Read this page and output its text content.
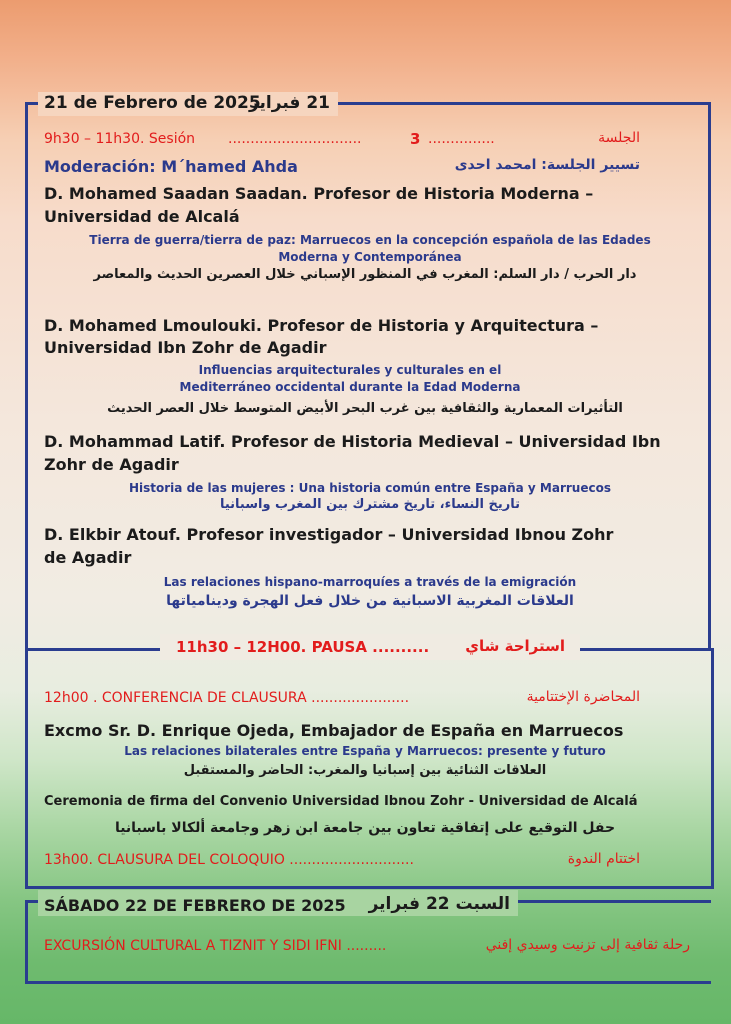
21 de Febrero de 2025
21 فبراير
9h30 – 11h30. Sesión ..............................	3 ...............	الجلسة
Moderación: M´hamed Ahda	تسيير الجلسة: امحمد احدى
D. Mohamed Saadan Saadan. Profesor de Historia Moderna –
Universidad de Alcalá
Tierra de guerra/tierra de paz: Marruecos en la concepción española de las Edades
Moderna y Contemporánea
دار الحرب / دار السلم: المغرب في المنظور الإسباني خلال العصرين الحديث والمعاصر
D. Mohamed Lmoulouki. Profesor de Historia y Arquitectura –
Universidad Ibn Zohr de Agadir
Influencias arquitecturales y culturales en el
Mediterráneo occidental durante la Edad Moderna
التأثيرات المعمارية والثقافية بين غرب البحر الأبيض المتوسط خلال العصر الحديث
D. Mohammad Latif. Profesor de Historia Medieval – Universidad Ibn
Zohr de Agadir
Historia de las mujeres : Una historia común entre España y Marruecos
تاريخ النساء، تاريخ مشترك بين المغرب واسبانيا
D. Elkbir Atouf. Profesor investigador – Universidad Ibnou Zohr
de Agadir
Las relaciones hispano-marroquíes a través de la emigración
العلاقات المغربية الاسبانية من خلال فعل الهجرة وديناميات‍ها
11h30 – 12H00. PAUSA ..........	استراحة شاي
12h00 . CONFERENCIA DE CLAUSURA ......................	المحاضرة الإختتامية
Excmo Sr. D. Enrique Ojeda, Embajador de España en Marruecos
Las relaciones bilaterales entre España y Marruecos: presente y futuro
العلاقات الثنائية بين إسبانيا والمغرب: الحاضر والمستقبل
Ceremonia de firma del Convenio Universidad Ibnou Zohr - Universidad de Alcalá
حفل التوقيع على إتفاقية تعاون بين جامعة ابن زهر وجامعة ألكالا باسبانيا
13h00. CLAUSURA DEL COLOQUIO ............................	اختتام الندوة
SÁBADO 22 DE FEBRERO DE 2025	السبت 22 فبراير
EXCURSIÓN CULTURAL A TIZNIT Y SIDI IFNI .........	رحلة ثقافية إلى تزنيت وسيدي إفني
